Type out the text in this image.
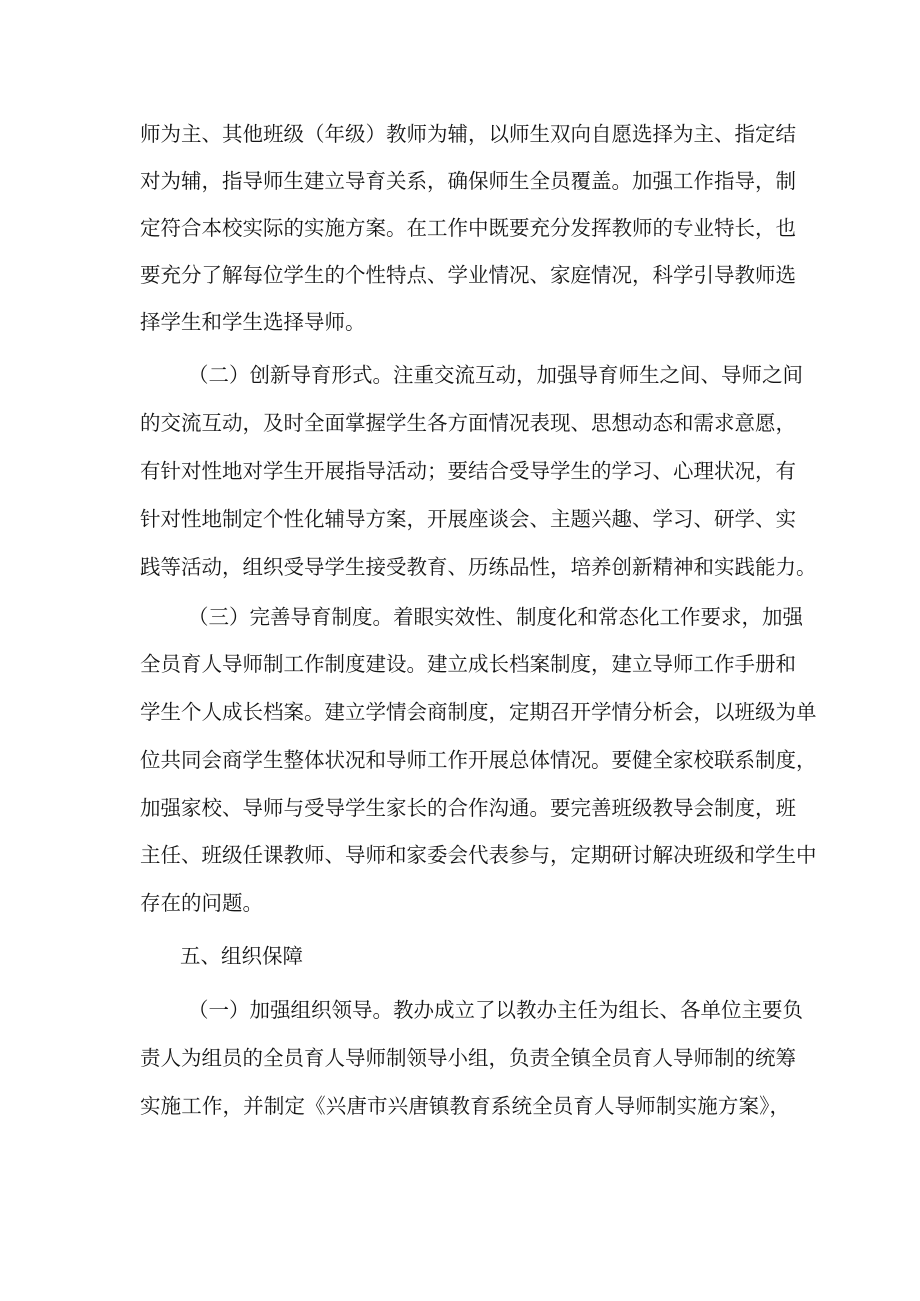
师为主、其他班级（年级）教师为辅，以师生双向自愿选择为主、指定结
对为辅，指导师生建立导育关系，确保师生全员覆盖。加强工作指导，制
定符合本校实际的实施方案。在工作中既要充分发挥教师的专业特长，也
要充分了解每位学生的个性特点、学业情况、家庭情况，科学引导教师选
择学生和学生选择导师。
（二）创新导育形式。注重交流互动，加强导育师生之间、导师之间
的交流互动，及时全面掌握学生各方面情况表现、思想动态和需求意愿，
有针对性地对学生开展指导活动；要结合受导学生的学习、心理状况，有
针对性地制定个性化辅导方案，开展座谈会、主题兴趣、学习、研学、实
践等活动，组织受导学生接受教育、历练品性，培养创新精神和实践能力。
（三）完善导育制度。着眼实效性、制度化和常态化工作要求，加强
全员育人导师制工作制度建设。建立成长档案制度，建立导师工作手册和
学生个人成长档案。建立学情会商制度，定期召开学情分析会，以班级为单
位共同会商学生整体状况和导师工作开展总体情况。要健全家校联系制度，
加强家校、导师与受导学生家长的合作沟通。要完善班级教导会制度，班
主任、班级任课教师、导师和家委会代表参与，定期研讨解决班级和学生中
存在的问题。
五、组织保障
（一）加强组织领导。教办成立了以教办主任为组长、各单位主要负
责人为组员的全员育人导师制领导小组，负责全镇全员育人导师制的统筹
实施工作，并制定《兴唐市兴唐镇教育系统全员育人导师制实施方案》，
